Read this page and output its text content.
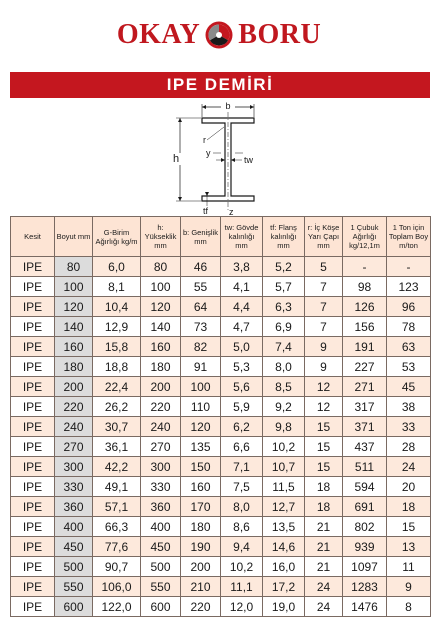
OKAY BORU
IPE DEMİRİ
b
h
r
y
tw
z
tf
Kesit	Boyut mm	G-Birim Ağırlığı kg/m	h: Yükseklik mm	b: Genişlik mm	tw: Gövde kalınlığı mm	tf: Flanş kalınlığı mm	r: İç Köşe Yarı Çapı mm	1 Çubuk Ağırlığı kg/12,1m	1 Ton için Toplam Boy m/ton
IPE	80	6,0	80	46	3,8	5,2	5	-	-
IPE	100	8,1	100	55	4,1	5,7	7	98	123
IPE	120	10,4	120	64	4,4	6,3	7	126	96
IPE	140	12,9	140	73	4,7	6,9	7	156	78
IPE	160	15,8	160	82	5,0	7,4	9	191	63
IPE	180	18,8	180	91	5,3	8,0	9	227	53
IPE	200	22,4	200	100	5,6	8,5	12	271	45
IPE	220	26,2	220	110	5,9	9,2	12	317	38
IPE	240	30,7	240	120	6,2	9,8	15	371	33
IPE	270	36,1	270	135	6,6	10,2	15	437	28
IPE	300	42,2	300	150	7,1	10,7	15	511	24
IPE	330	49,1	330	160	7,5	11,5	18	594	20
IPE	360	57,1	360	170	8,0	12,7	18	691	18
IPE	400	66,3	400	180	8,6	13,5	21	802	15
IPE	450	77,6	450	190	9,4	14,6	21	939	13
IPE	500	90,7	500	200	10,2	16,0	21	1097	11
IPE	550	106,0	550	210	11,1	17,2	24	1283	9
IPE	600	122,0	600	220	12,0	19,0	24	1476	8
